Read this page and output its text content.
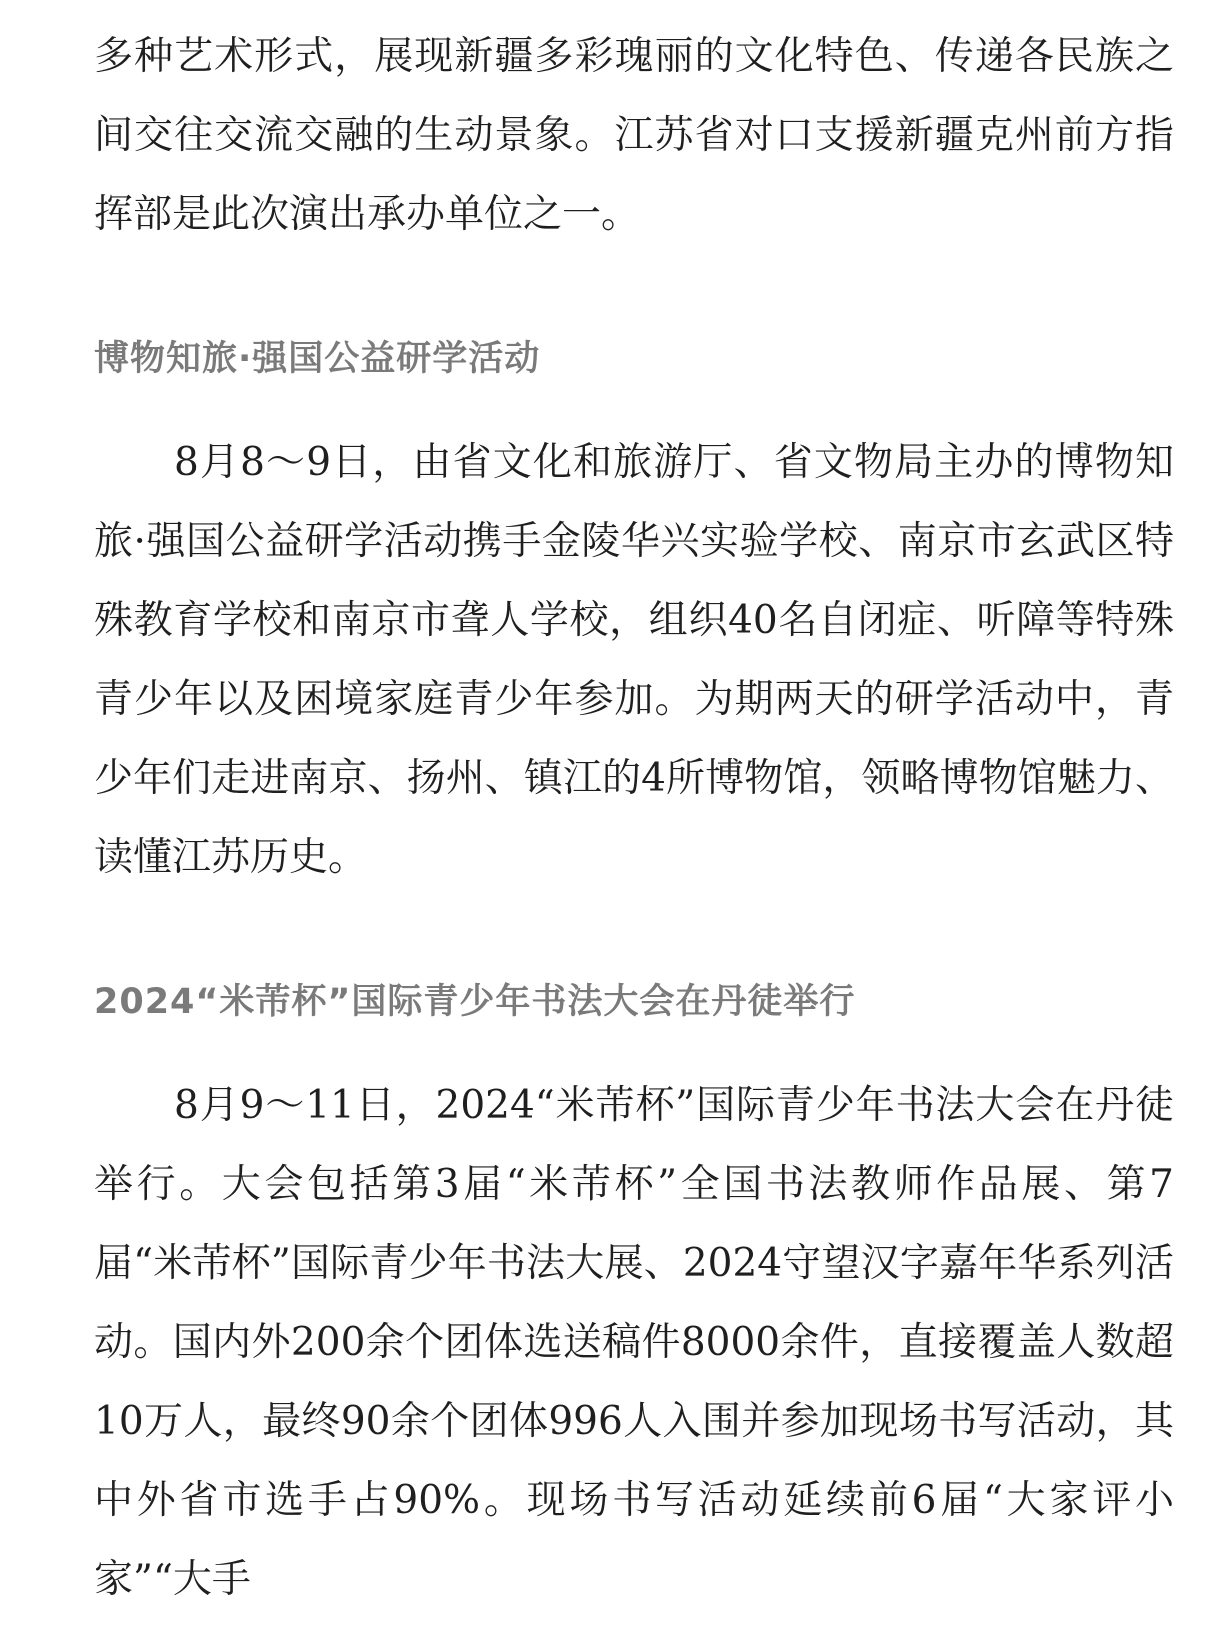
多种艺术形式，展现新疆多彩瑰丽的文化特色、传递各民族之间交往交流交融的生动景象。江苏省对口支援新疆克州前方指挥部是此次演出承办单位之一。

博物知旅·强国公益研学活动

8月8～9日，由省文化和旅游厅、省文物局主办的博物知旅·强国公益研学活动携手金陵华兴实验学校、南京市玄武区特殊教育学校和南京市聋人学校，组织40名自闭症、听障等特殊青少年以及困境家庭青少年参加。为期两天的研学活动中，青少年们走进南京、扬州、镇江的4所博物馆，领略博物馆魅力、读懂江苏历史。

2024“米芾杯”国际青少年书法大会在丹徒举行

8月9～11日，2024“米芾杯”国际青少年书法大会在丹徒举行。大会包括第3届“米芾杯”全国书法教师作品展、第7届“米芾杯”国际青少年书法大展、2024守望汉字嘉年华系列活动。国内外200余个团体选送稿件8000余件，直接覆盖人数超10万人，最终90余个团体996人入围并参加现场书写活动，其中外省市选手占90%。现场书写活动延续前6届“大家评小家”“大手
